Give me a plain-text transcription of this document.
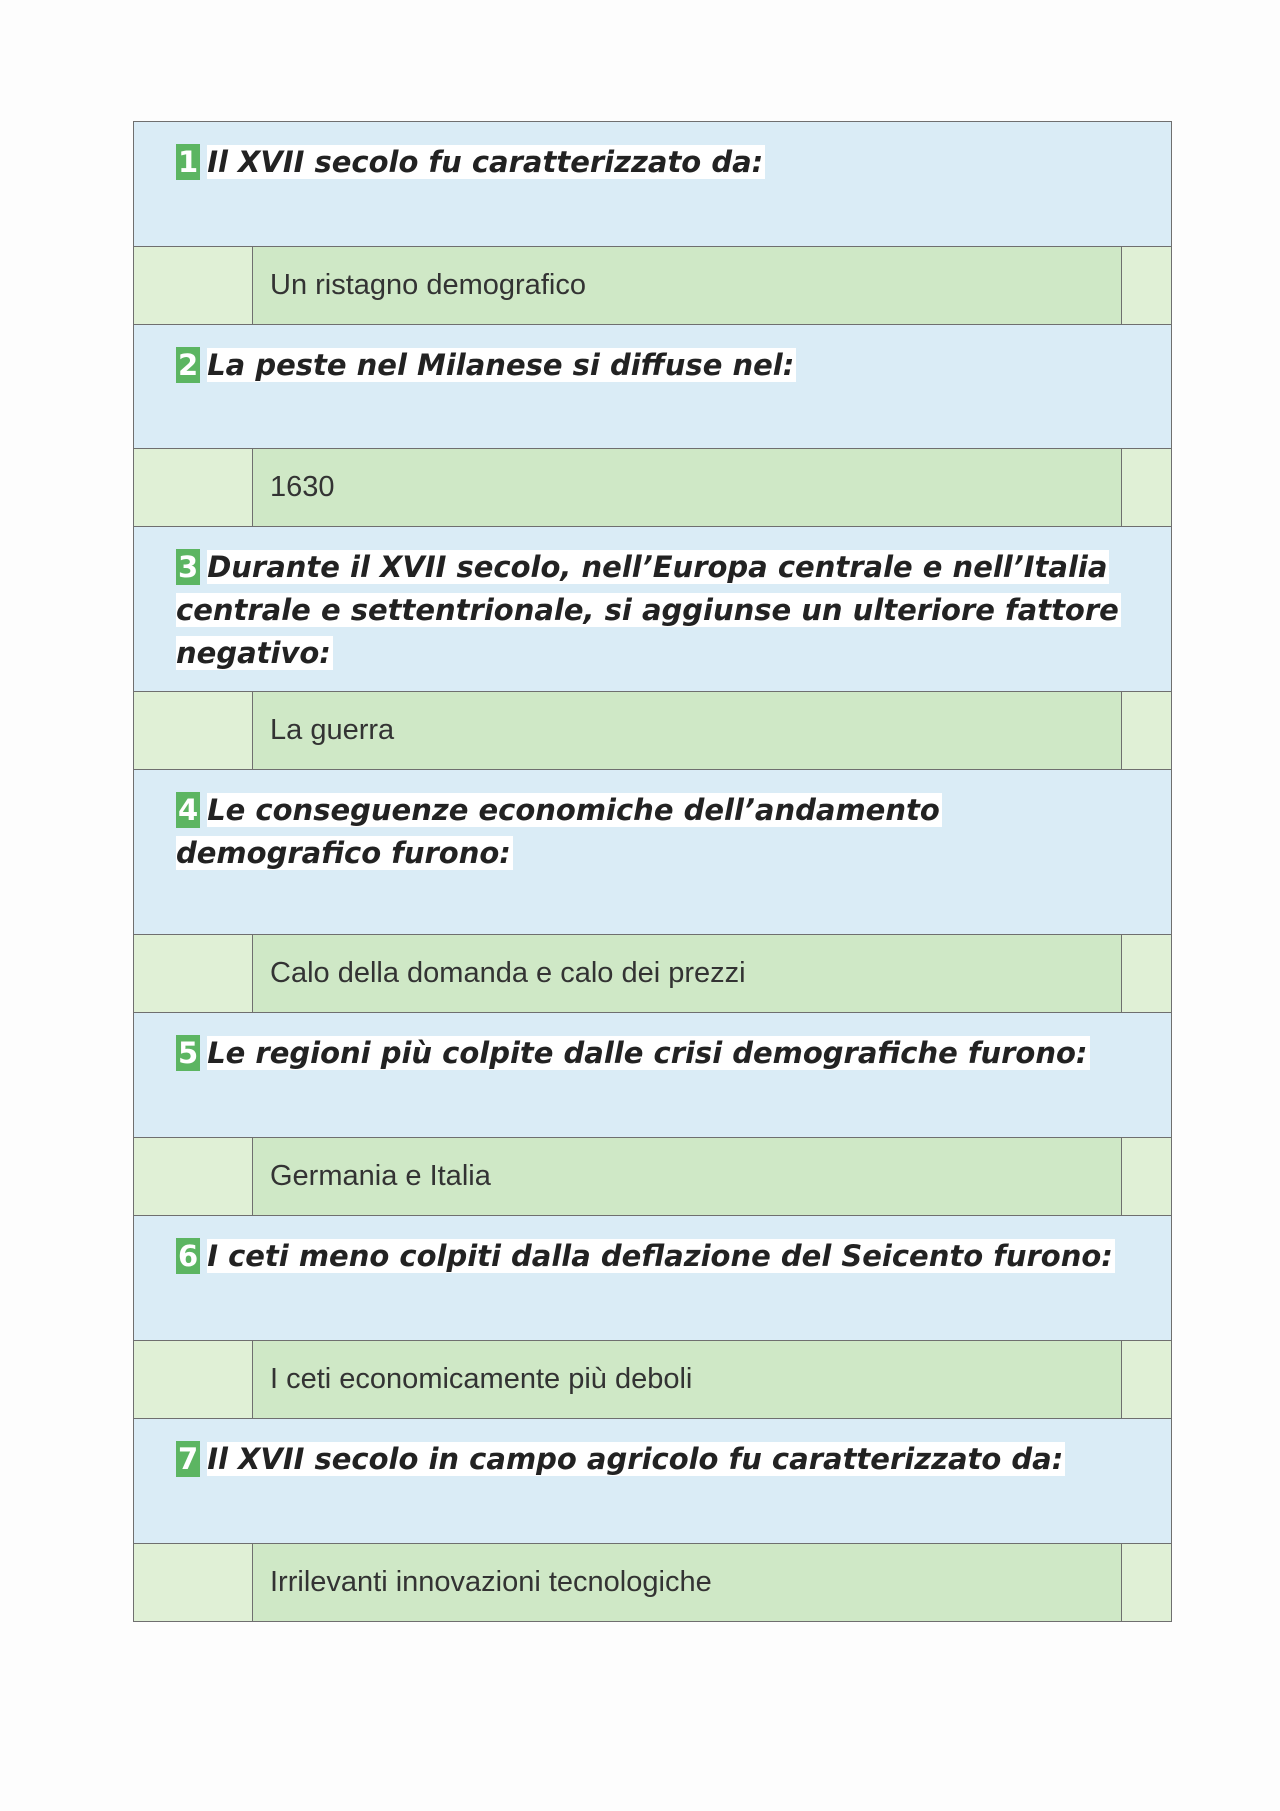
1 Il XVII secolo fu caratterizzato da:

Un ristagno demografico

2 La peste nel Milanese si diffuse nel:

1630

3 Durante il XVII secolo, nell’Europa centrale e nell’Italia centrale e settentrionale, si aggiunse un ulteriore fattore negativo:

La guerra

4 Le conseguenze economiche dell’andamento demografico furono:

Calo della domanda e calo dei prezzi

5 Le regioni più colpite dalle crisi demografiche furono:

Germania e Italia

6 I ceti meno colpiti dalla deflazione del Seicento furono:

I ceti economicamente più deboli

7 Il XVII secolo in campo agricolo fu caratterizzato da:

Irrilevanti innovazioni tecnologiche
